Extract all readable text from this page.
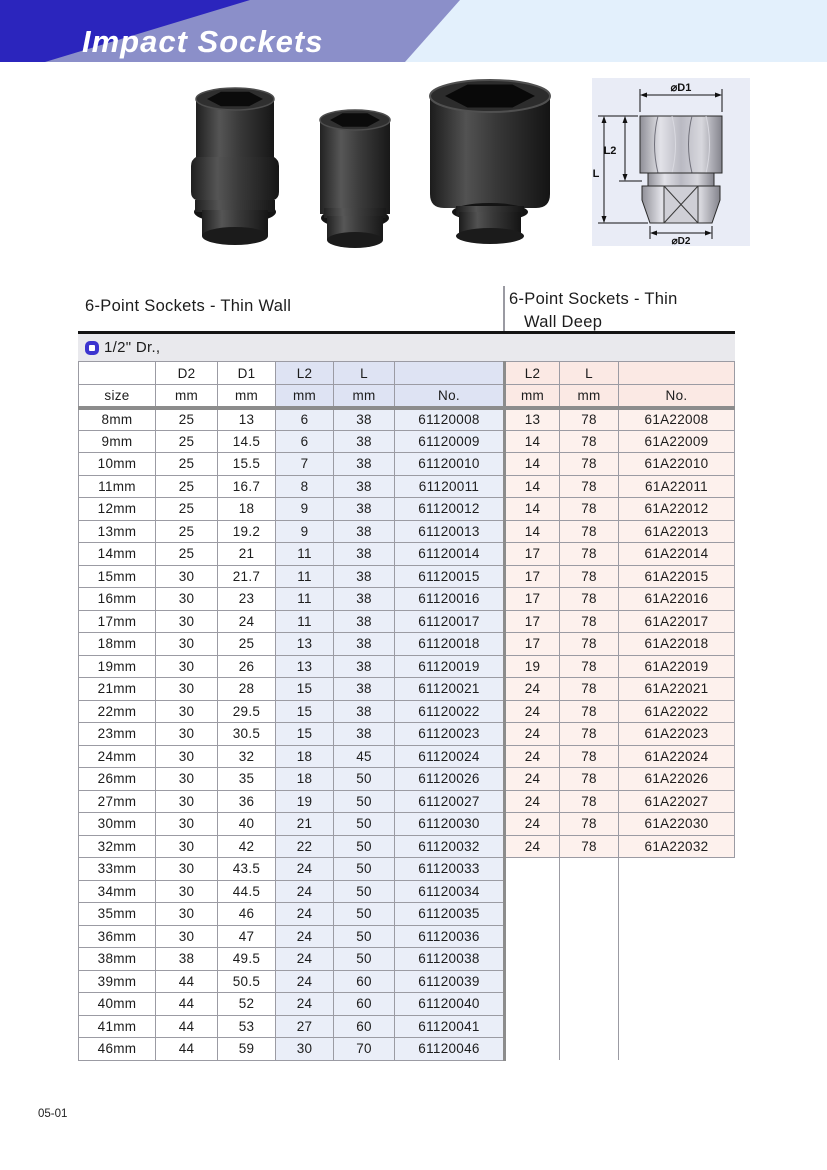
Impact Sockets
⌀D1
L2
L
⌀D2
6-Point Sockets - Thin Wall	6-Point Sockets - Thin
Wall Deep
1/2" Dr.,
	D2	D1	L2	L		L2	L	
size	mm	mm	mm	mm	No.	mm	mm	No.
8mm	25	13	6	38	61120008	13	78	61A22008
9mm	25	14.5	6	38	61120009	14	78	61A22009
10mm	25	15.5	7	38	61120010	14	78	61A22010
11mm	25	16.7	8	38	61120011	14	78	61A22011
12mm	25	18	9	38	61120012	14	78	61A22012
13mm	25	19.2	9	38	61120013	14	78	61A22013
14mm	25	21	11	38	61120014	17	78	61A22014
15mm	30	21.7	11	38	61120015	17	78	61A22015
16mm	30	23	11	38	61120016	17	78	61A22016
17mm	30	24	11	38	61120017	17	78	61A22017
18mm	30	25	13	38	61120018	17	78	61A22018
19mm	30	26	13	38	61120019	19	78	61A22019
21mm	30	28	15	38	61120021	24	78	61A22021
22mm	30	29.5	15	38	61120022	24	78	61A22022
23mm	30	30.5	15	38	61120023	24	78	61A22023
24mm	30	32	18	45	61120024	24	78	61A22024
26mm	30	35	18	50	61120026	24	78	61A22026
27mm	30	36	19	50	61120027	24	78	61A22027
30mm	30	40	21	50	61120030	24	78	61A22030
32mm	30	42	22	50	61120032	24	78	61A22032
33mm	30	43.5	24	50	61120033			
34mm	30	44.5	24	50	61120034			
35mm	30	46	24	50	61120035			
36mm	30	47	24	50	61120036			
38mm	38	49.5	24	50	61120038			
39mm	44	50.5	24	60	61120039			
40mm	44	52	24	60	61120040			
41mm	44	53	27	60	61120041			
46mm	44	59	30	70	61120046			
05-01
